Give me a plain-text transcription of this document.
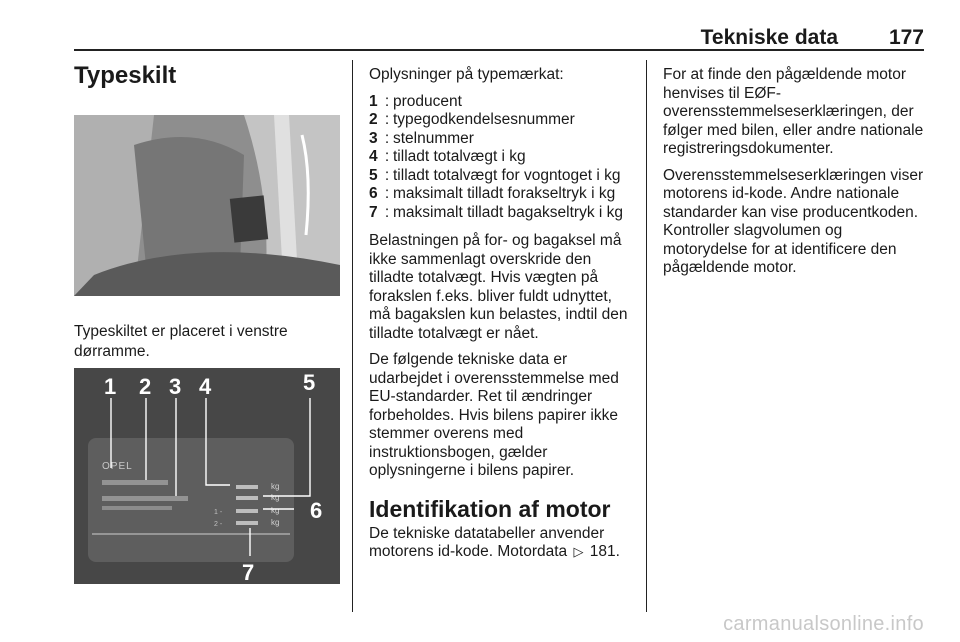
Tekniske data 177
Typeskilt
Typeskiltet er placeret i venstre dørramme.
OPEL
kg
kg
kg
kg
1 -
2 -
1 2 3 4	5
6
7

Oplysninger på typemærkat:

1 : producent
2 : typegodkendelsesnummer
3 : stelnummer
4 : tilladt totalvægt i kg
5 : tilladt totalvægt for vogntoget i kg
6 : maksimalt tilladt forakseltryk i kg
7 : maksimalt tilladt bagakseltryk i kg

Belastningen på for- og bagaksel må ikke sammenlagt overskride den tilladte totalvægt. Hvis vægten på forakslen f.eks. bliver fuldt udnyttet, må bagakslen kun belastes, indtil den tilladte totalvægt er nået.

De følgende tekniske data er udarbejdet i overensstemmelse med EU-standarder. Ret til ændringer forbeholdes. Hvis bilens papirer ikke stemmer overens med instruktionsbogen, gælder oplysningerne i bilens papirer.

Identifikation af motor

De tekniske datatabeller anvender motorens id-kode. Motordata ▷ 181.

For at finde den pågældende motor henvises til EØF-overensstemmelseserklæringen, der følger med bilen, eller andre nationale registreringsdokumenter.

Overensstemmelseserklæringen viser motorens id-kode. Andre nationale standarder kan vise producentkoden. Kontroller slagvolumen og motorydelse for at identificere den pågældende motor.

carmanualsonline.info
